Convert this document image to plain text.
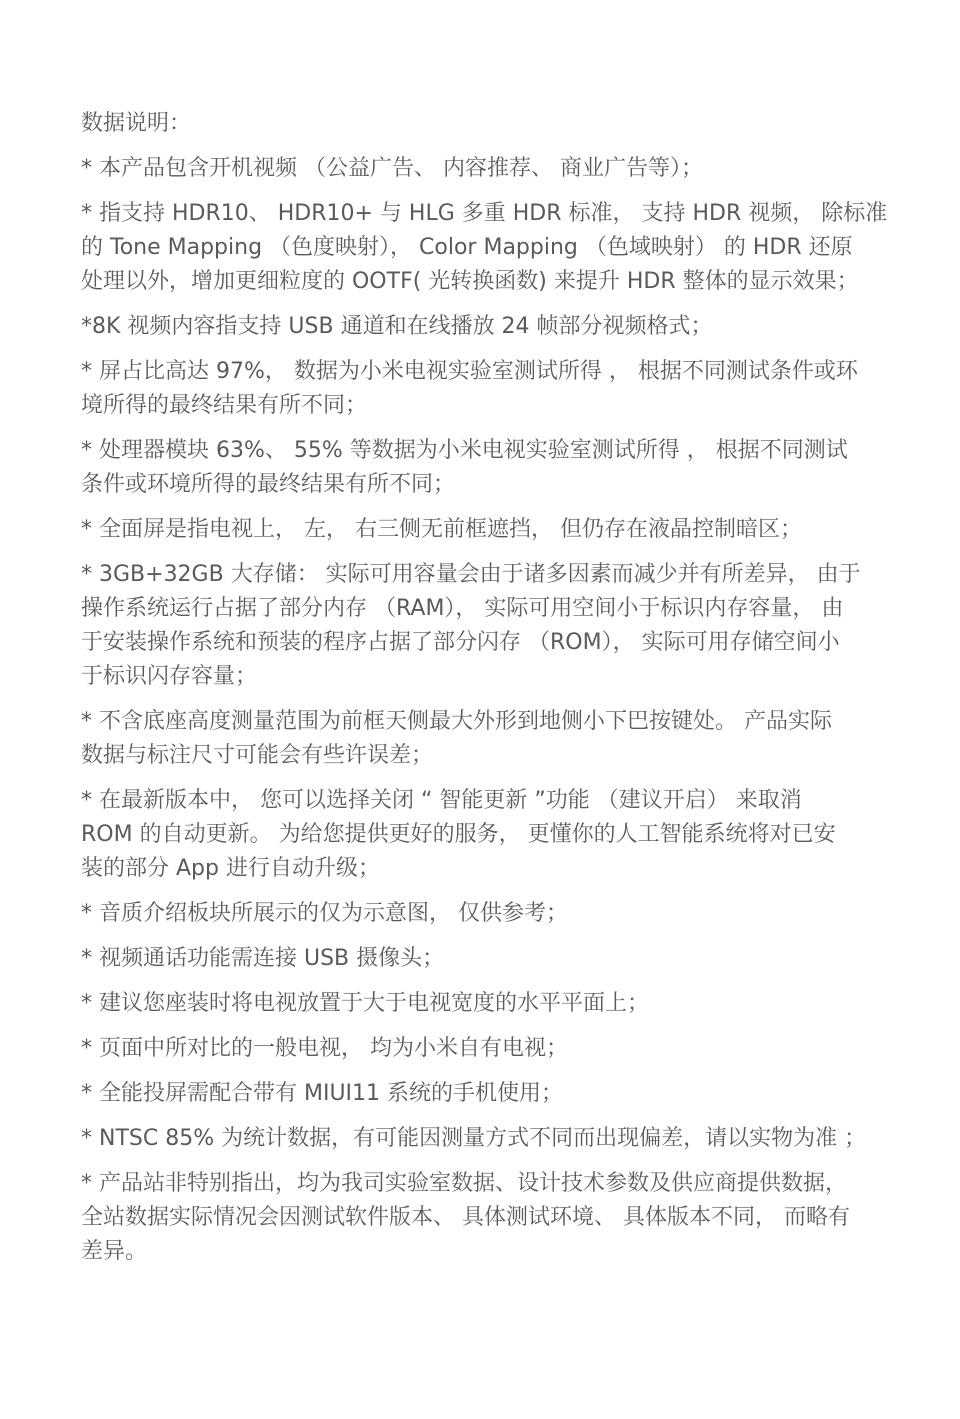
数据说明：
* 本产品包含开机视频 （公益广告、 内容推荐、 商业广告等）；
* 指支持 HDR10、 HDR10+ 与 HLG 多重 HDR 标准， 支持 HDR 视频， 除标准
的 Tone Mapping （色度映射）， Color Mapping （色域映射） 的 HDR 还原
处理以外，增加更细粒度的 OOTF( 光转换函数) 来提升 HDR 整体的显示效果；
*8K 视频内容指支持 USB 通道和在线播放 24 帧部分视频格式；
* 屏占比高达 97%， 数据为小米电视实验室测试所得 ， 根据不同测试条件或环
境所得的最终结果有所不同；
* 处理器模块 63%、 55% 等数据为小米电视实验室测试所得 ， 根据不同测试
条件或环境所得的最终结果有所不同；
* 全面屏是指电视上， 左， 右三侧无前框遮挡， 但仍存在液晶控制暗区；
* 3GB+32GB 大存储： 实际可用容量会由于诸多因素而减少并有所差异， 由于
操作系统运行占据了部分内存 （RAM）， 实际可用空间小于标识内存容量， 由
于安装操作系统和预装的程序占据了部分闪存 （ROM）， 实际可用存储空间小
于标识闪存容量；
* 不含底座高度测量范围为前框天侧最大外形到地侧小下巴按键处。 产品实际
数据与标注尺寸可能会有些许误差；
* 在最新版本中， 您可以选择关闭 “ 智能更新 ”功能 （建议开启） 来取消
ROM 的自动更新。 为给您提供更好的服务， 更懂你的人工智能系统将对已安
装的部分 App 进行自动升级；
* 音质介绍板块所展示的仅为示意图， 仅供参考；
* 视频通话功能需连接 USB 摄像头；
* 建议您座装时将电视放置于大于电视宽度的水平平面上；
* 页面中所对比的一般电视， 均为小米自有电视；
* 全能投屏需配合带有 MIUI11 系统的手机使用；
* NTSC 85% 为统计数据，有可能因测量方式不同而出现偏差，请以实物为准 ；
* 产品站非特别指出，均为我司实验室数据、设计技术参数及供应商提供数据，
全站数据实际情况会因测试软件版本、 具体测试环境、 具体版本不同， 而略有
差异。
